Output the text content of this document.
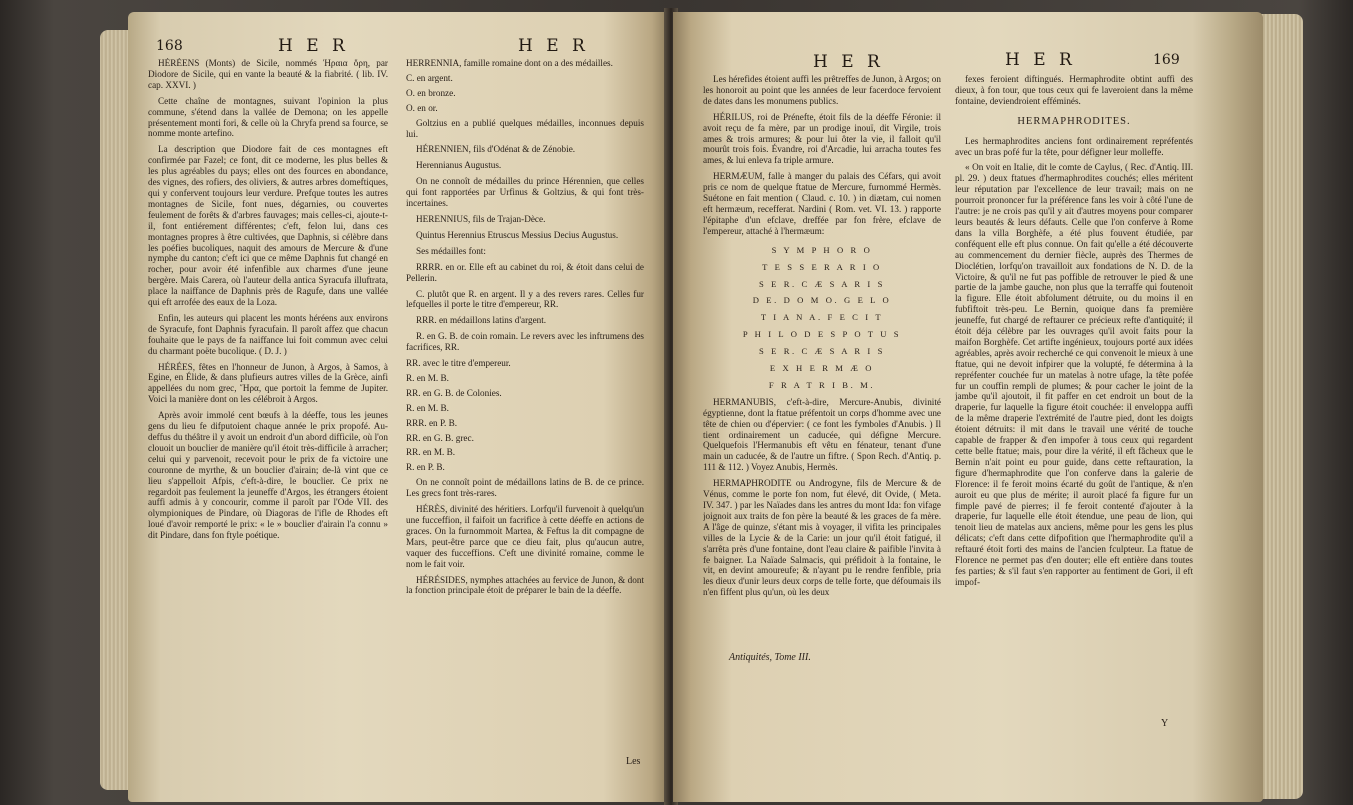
168	H E R	H E R

HÉRÉENS (Monts) de Sicile, nommés Ἡραια ὄρη, par Diodore de Sicile, qui en vante la beauté & la fiabrité. ( lib. IV. cap. XXVI. )

Cette chaîne de montagnes, suivant l'opinion la plus commune, s'étend dans la vallée de Demona; on les appelle présentement monti fori, & celle où la Chryfa prend sa fource, se nomme monte artefino.

La description que Diodore fait de ces montagnes eft confirmée par Fazel; ce font, dit ce moderne, les plus belles & les plus agréables du pays; elles ont des fources en abondance, des vignes, des rofiers, des oliviers, & autres arbres domeftiques, qui y confervent toujours leur verdure. Prefque toutes les autres montagnes de Sicile, font nues, dégarnies, ou couvertes feulement de forêts & d'arbres fauvages; mais celles-ci, ajoute-t-il, font entiérement différentes; c'eft, felon lui, dans ces montagnes propres à être cultivées, que Daphnis, si célèbre dans les poéfies bucoliques, naquit des amours de Mercure & d'une nymphe du canton; c'eft ici que ce même Daphnis fut changé en rocher, pour avoir été infenfible aux charmes d'une jeune bergère. Mais Carera, où l'auteur della antica Syracufa illuftrata, place la naiffance de Daphnis près de Ragufe, dans une vallée qui eft arrofée des eaux de la Loza.

Enfin, les auteurs qui placent les monts héréens aux environs de Syracufe, font Daphnis fyracufain. Il paroît affez que chacun fouhaite que le pays de fa naiffance lui foit commun avec celui du charmant poëte bucolique. ( D. J. )

HÉRÉES, fêtes en l'honneur de Junon, à Argos, à Samos, à Egine, en Élide, & dans plufieurs autres villes de la Grèce, ainfi appellées du nom grec, Ἥρα, que portoit la femme de Jupiter. Voici la manière dont on les célébroit à Argos.

Après avoir immolé cent bœufs à la déeffe, tous les jeunes gens du lieu fe difputoient chaque année le prix propofé. Au-deffus du théâtre il y avoit un endroit d'un abord difficile, où l'on clouoit un bouclier de manière qu'il étoit très-difficile à arracher; celui qui y parvenoit, recevoit pour le prix de fa victoire une couronne de myrthe, & un bouclier d'airain; de-là vint que ce lieu s'appelloit Afpis, c'eft-à-dire, le bouclier. Ce prix ne regardoit pas feulement la jeuneffe d'Argos, les étrangers étoient auffi admis à y concourir, comme il paroît par l'Ode VII. des olympioniques de Pindare, où Diagoras de l'ifle de Rhodes eft loué d'avoir remporté le prix: « le » bouclier d'airain l'a connu » dit Pindare, dans fon ftyle poétique.

HERRENNIA, famille romaine dont on a des médailles.

C. en argent.

O. en bronze.

O. en or.

Goltzius en a publié quelques médailles, inconnues depuis lui.

HÉRENNIEN, fils d'Odénat & de Zénobie.

Herennianus Augustus.

On ne connoît de médailles du prince Hérennien, que celles qui font rapportées par Urfinus & Goltzius, & qui font très-incertaines.

HERENNIUS, fils de Trajan-Dèce.

Quintus Herennius Etruscus Messius Decius Augustus.

Ses médailles font:

RRRR. en or. Elle eft au cabinet du roi, & étoit dans celui de Pellerin.

C. plutôt que R. en argent. Il y a des revers rares. Celles fur lefquelles il porte le titre d'empereur, RR.

RRR. en médaillons latins d'argent.

R. en G. B. de coin romain. Le revers avec les inftrumens des facrifices, RR.

RR. avec le titre d'empereur.

R. en M. B.

RR. en G. B. de Colonies.

R. en M. B.

RRR. en P. B.

RR. en G. B. grec.

RR. en M. B.

R. en P. B.

On ne connoît point de médaillons latins de B. de ce prince. Les grecs font très-rares.

HÉRÈS, divinité des héritiers. Lorfqu'il furvenoit à quelqu'un une fucceffion, il faifoit un facrifice à cette déeffe en actions de graces. On la furnommoit Martea, & Feftus la dit compagne de Mars, peut-être parce que ce dieu fait, plus qu'aucun autre, vaquer des fucceffions. C'eft une divinité romaine, comme le nom le fait voir.

HÉRÉSIDES, nymphes attachées au fervice de Junon, & dont la fonction principale étoit de préparer le bain de la déeffe.

Les
H E R	H E R	169

Les hérefides étoient auffi les prêtreffes de Junon, à Argos; on les honoroit au point que les années de leur facerdoce fervoient de dates dans les monumens publics.

HÉRILUS, roi de Prénefte, étoit fils de la déeffe Féronie: il avoit reçu de fa mère, par un prodige inouï, dit Virgile, trois ames & trois armures; & pour lui ôter la vie, il falloit qu'il mourût trois fois. Évandre, roi d'Arcadie, lui arracha toutes fes ames, & lui enleva fa triple armure.

HERMÆUM, falle à manger du palais des Céfars, qui avoit pris ce nom de quelque ftatue de Mercure, furnommé Hermès. Suétone en fait mention ( Claud. c. 10. ) in diætam, cui nomen eft hermæum, recefferat. Nardini ( Rom. vet. VI. 13. ) rapporte l'épitaphe d'un efclave, dreffée par fon frère, efclave de l'empereur, attaché à l'hermæum:

S Y M P H O R O

T E S S E R A R I O

S E R. C Æ S A R I S

D E. D O M O. G E L O

T I A N A. F E C I T

P H I L O D E S P O T U S

S E R. C Æ S A R I S

E X H E R M Æ O

F R A T R I B. M.

HERMANUBIS, c'eft-à-dire, Mercure-Anubis, divinité égyptienne, dont la ftatue préfentoit un corps d'homme avec une tête de chien ou d'épervier: ( ce font les fymboles d'Anubis. ) Il tient ordinairement un caducée, qui défigne Mercure. Quelquefois l'Hermanubis eft vêtu en fénateur, tenant d'une main un caducée, & de l'autre un fiftre. ( Spon Rech. d'Antiq. p. 111 & 112. ) Voyez Anubis, Hermès.

HERMAPHRODITE ou Androgyne, fils de Mercure & de Vénus, comme le porte fon nom, fut élevé, dit Ovide, ( Meta. IV. 347. ) par les Naïades dans les antres du mont Ida: fon vifage joignoit aux traits de fon père la beauté & les graces de fa mère. A l'âge de quinze, s'étant mis à voyager, il vifita les principales villes de la Lycie & de la Carie: un jour qu'il étoit fatigué, il s'arrêta près d'une fontaine, dont l'eau claire & paifible l'invita à fe baigner. La Naïade Salmacis, qui préfidoit à la fontaine, le vit, en devint amoureufe; & n'ayant pu le rendre fenfible, pria les dieux d'unir leurs deux corps de telle forte, que défoumais ils n'en fiffent plus qu'un, où les deux

Antiquités, Tome III.

fexes feroient diftingués. Hermaphrodite obtint auffi des dieux, à fon tour, que tous ceux qui fe laveroient dans la même fontaine, deviendroient efféminés.

HERMAPHRODITES.

Les hermaphrodites anciens font ordinairement repréfentés avec un bras pofé fur la tête, pour défigner leur molleffe.

« On voit en Italie, dit le comte de Caylus, ( Rec. d'Antiq. III. pl. 29. ) deux ftatues d'hermaphrodites couchés; elles méritent leur réputation par l'excellence de leur travail; mais on ne pourroit prononcer fur la préférence fans les voir à côté l'une de l'autre: je ne crois pas qu'il y ait d'autres moyens pour comparer leurs beautés & leurs défauts. Celle que l'on conferve à Rome dans la villa Borghèfe, a été plus fouvent étudiée, par conféquent elle eft plus connue. On fait qu'elle a été découverte au commencement du dernier fiècle, auprès des Thermes de Dioclétien, lorfqu'on travailloit aux fondations de N. D. de la Victoire, & qu'il ne fut pas poffible de retrouver le pied & une partie de la jambe gauche, non plus que la terraffe qui foutenoit la figure. Elle étoit abfolument détruite, ou du moins il en fubfiftoit très-peu. Le Bernin, quoique dans fa première jeuneffe, fut chargé de reftaurer ce précieux refte d'antiquité; il étoit déja célèbre par les ouvrages qu'il avoit faits pour la maifon Borghèfe. Cet artifte ingénieux, toujours porté aux idées agréables, après avoir recherché ce qui convenoit le mieux à une ftatue, qui ne devoit infpirer que la volupté, fe détermina à la repréfenter couchée fur un matelas à notre ufage, la tête pofée fur un couffin rempli de plumes; & pour cacher le joint de la jambe qu'il ajoutoit, il fit paffer en cet endroit un bout de la draperie, fur laquelle la figure étoit couchée: il enveloppa auffi de la même draperie l'extrémité de l'autre pied, dont les doigts étoient détruits: il mit dans le travail une vérité de touche capable de frapper & d'en impofer à tous ceux qui regardent cette belle ftatue; mais, pour dire la vérité, il eft fâcheux que le Bernin n'ait point eu pour guide, dans cette reftauration, la figure d'hermaphrodite que l'on conferve dans la galerie de Florence: il fe feroit moins écarté du goût de l'antique, & n'en auroit eu que plus de mérite; il auroit placé fa figure fur un fimple pavé de pierres; il fe feroit contenté d'ajouter à la draperie, fur laquelle elle étoit étendue, une peau de lion, qui tenoit lieu de matelas aux anciens, même pour les gens les plus délicats; c'eft dans cette difpofition que l'hermaphrodite qu'il a reftauré étoit forti des mains de l'ancien fculpteur. La ftatue de Florence ne permet pas d'en douter; elle eft entière dans toutes fes parties; & s'il faut s'en rapporter au fentiment de Gori, il eft impof-

Y
